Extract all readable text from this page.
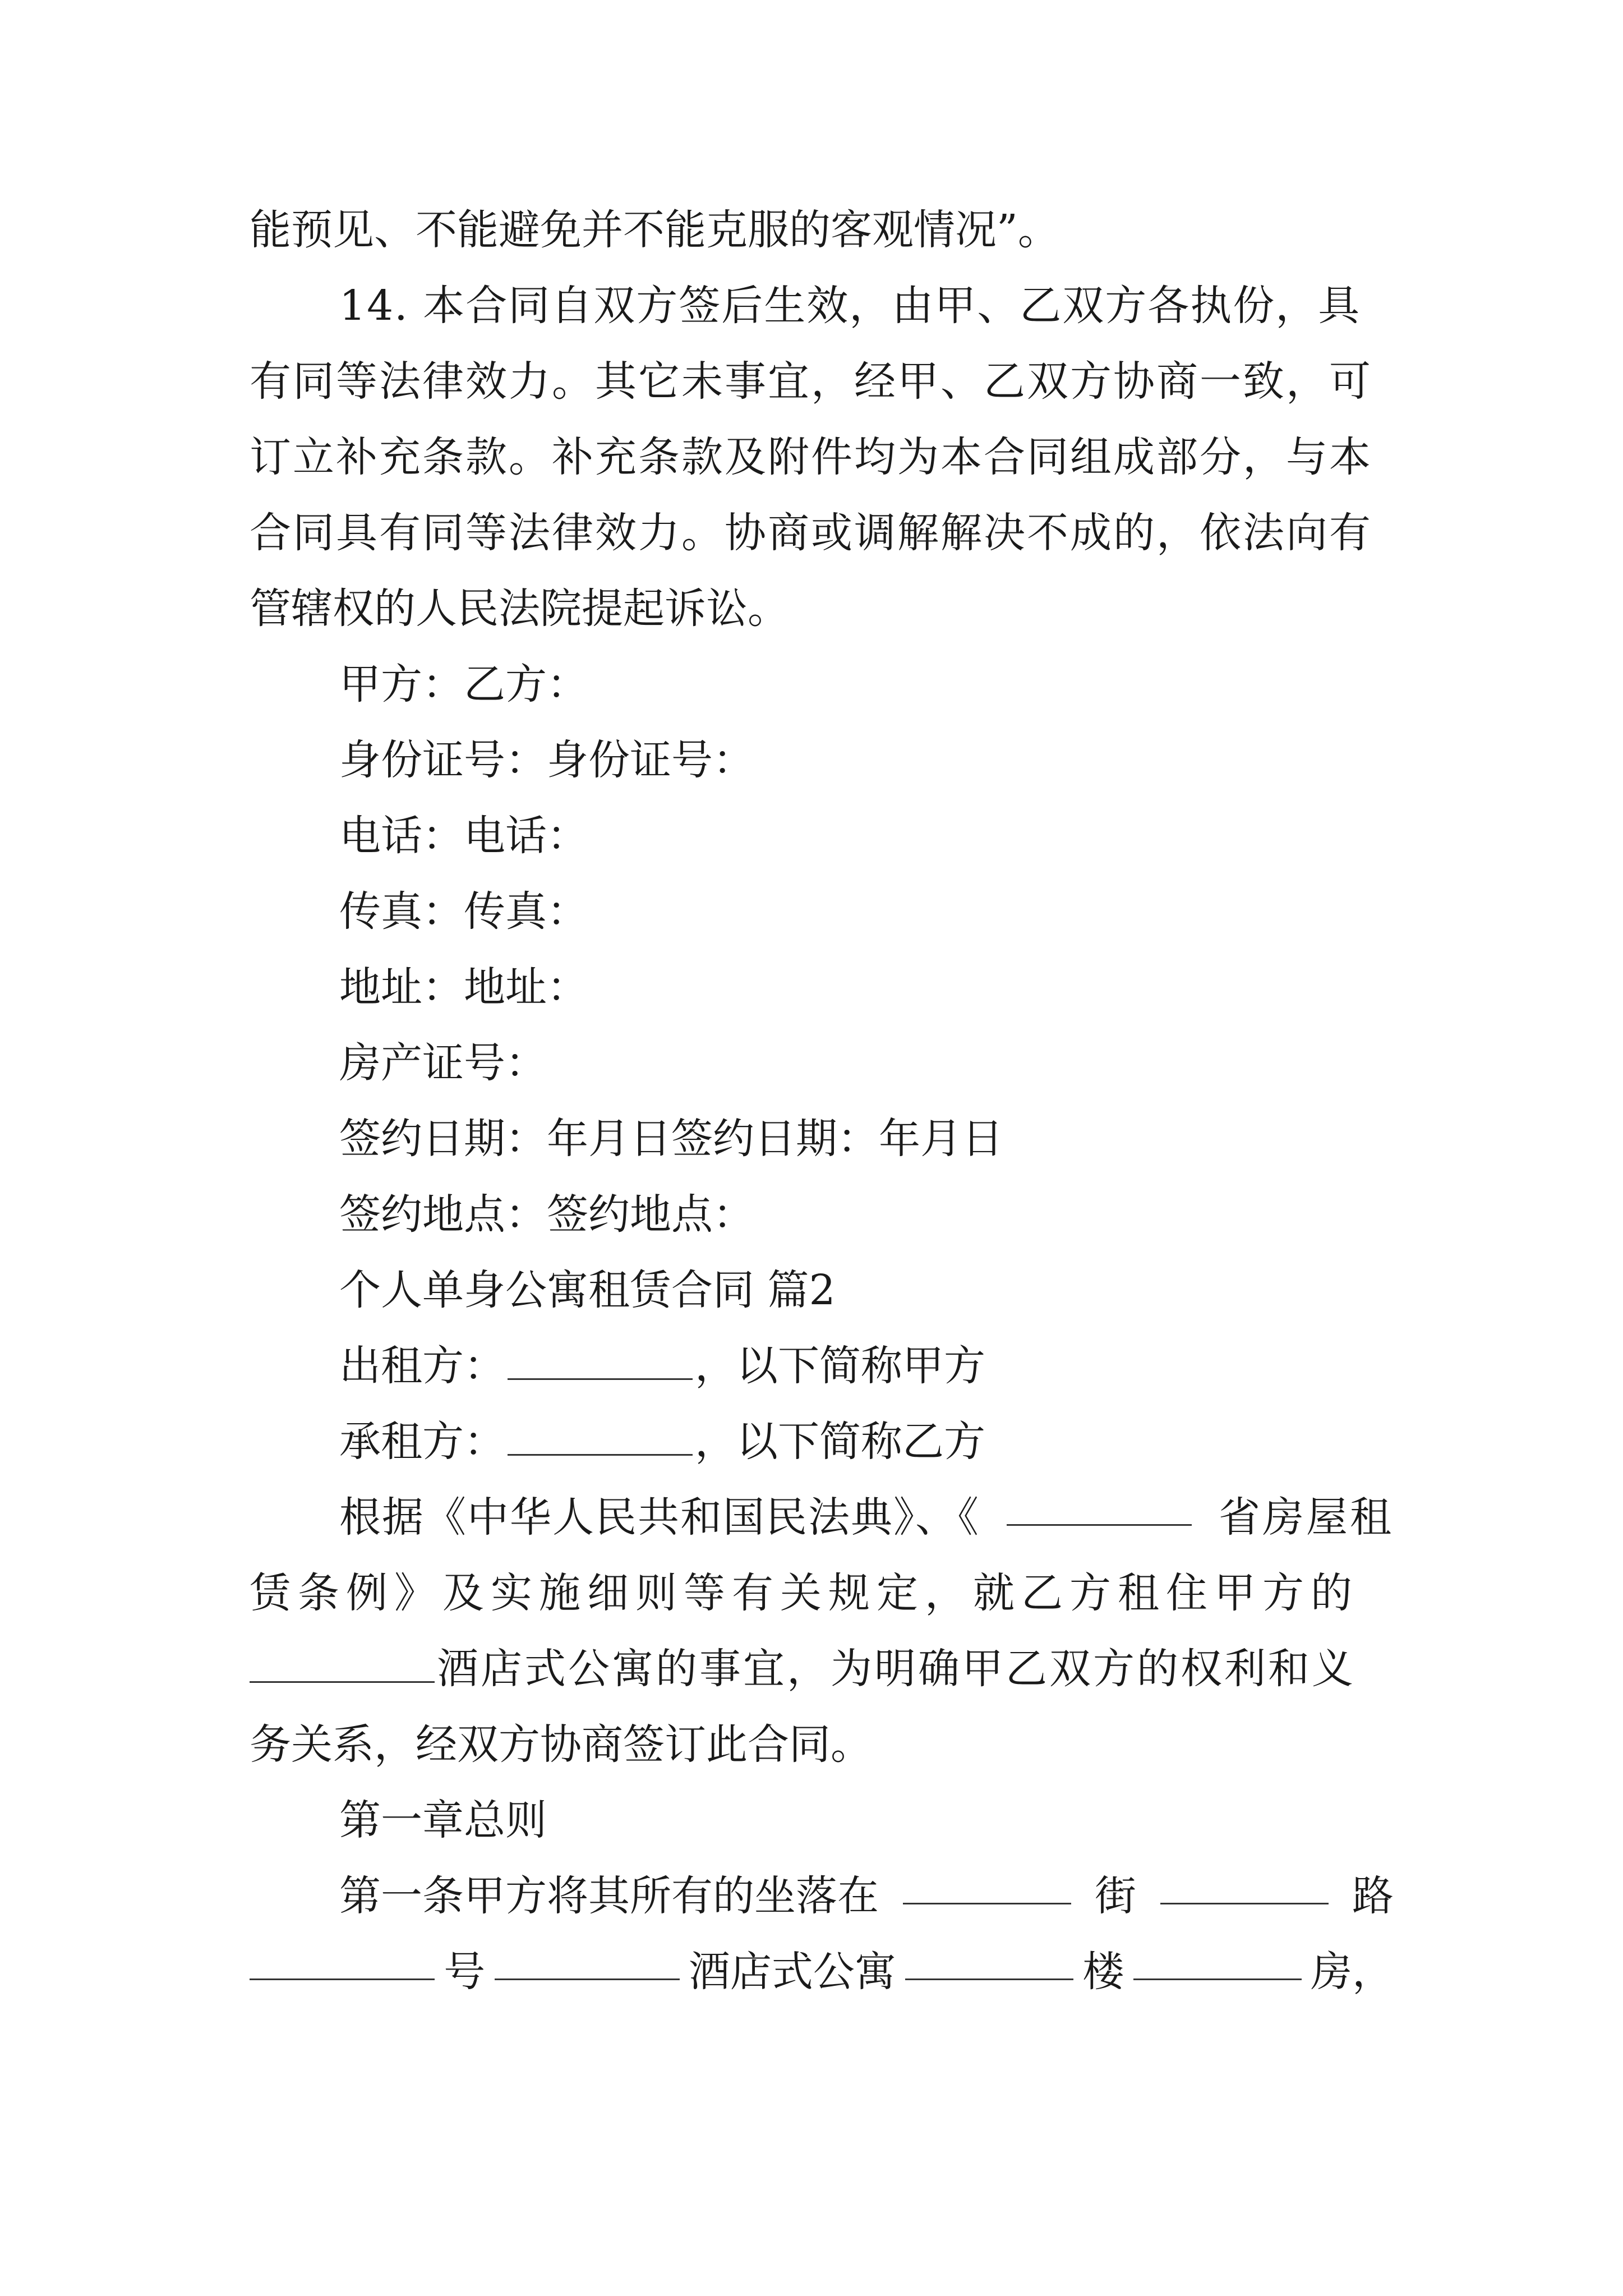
能预见、不能避免并不能克服的客观情况”。
14. 本合同自双方签后生效，由甲、乙双方各执份，具
有同等法律效力。其它未事宜，经甲、乙双方协商一致，可
订立补充条款。补充条款及附件均为本合同组成部分，与本
合同具有同等法律效力。协商或调解解决不成的，依法向有
管辖权的人民法院提起诉讼。
甲方：乙方：
身份证号：身份证号：
电话：电话：
传真：传真：
地址：地址：
房产证号：
签约日期：年月日签约日期：年月日
签约地点：签约地点：
个人单身公寓租赁合同 篇2
出租方：	，以下简称甲方
承租方：	，以下简称乙方
根据《中华人民共和国民法典》、《	省房屋租
赁条例》及实施细则等有关规定，就乙方租住甲方的
酒店式公寓的事宜，为明确甲乙双方的权利和义
务关系，经双方协商签订此合同。
第一章总则
第一条甲方将其所有的坐落在	街	路
号	酒店式公寓	楼	房，
